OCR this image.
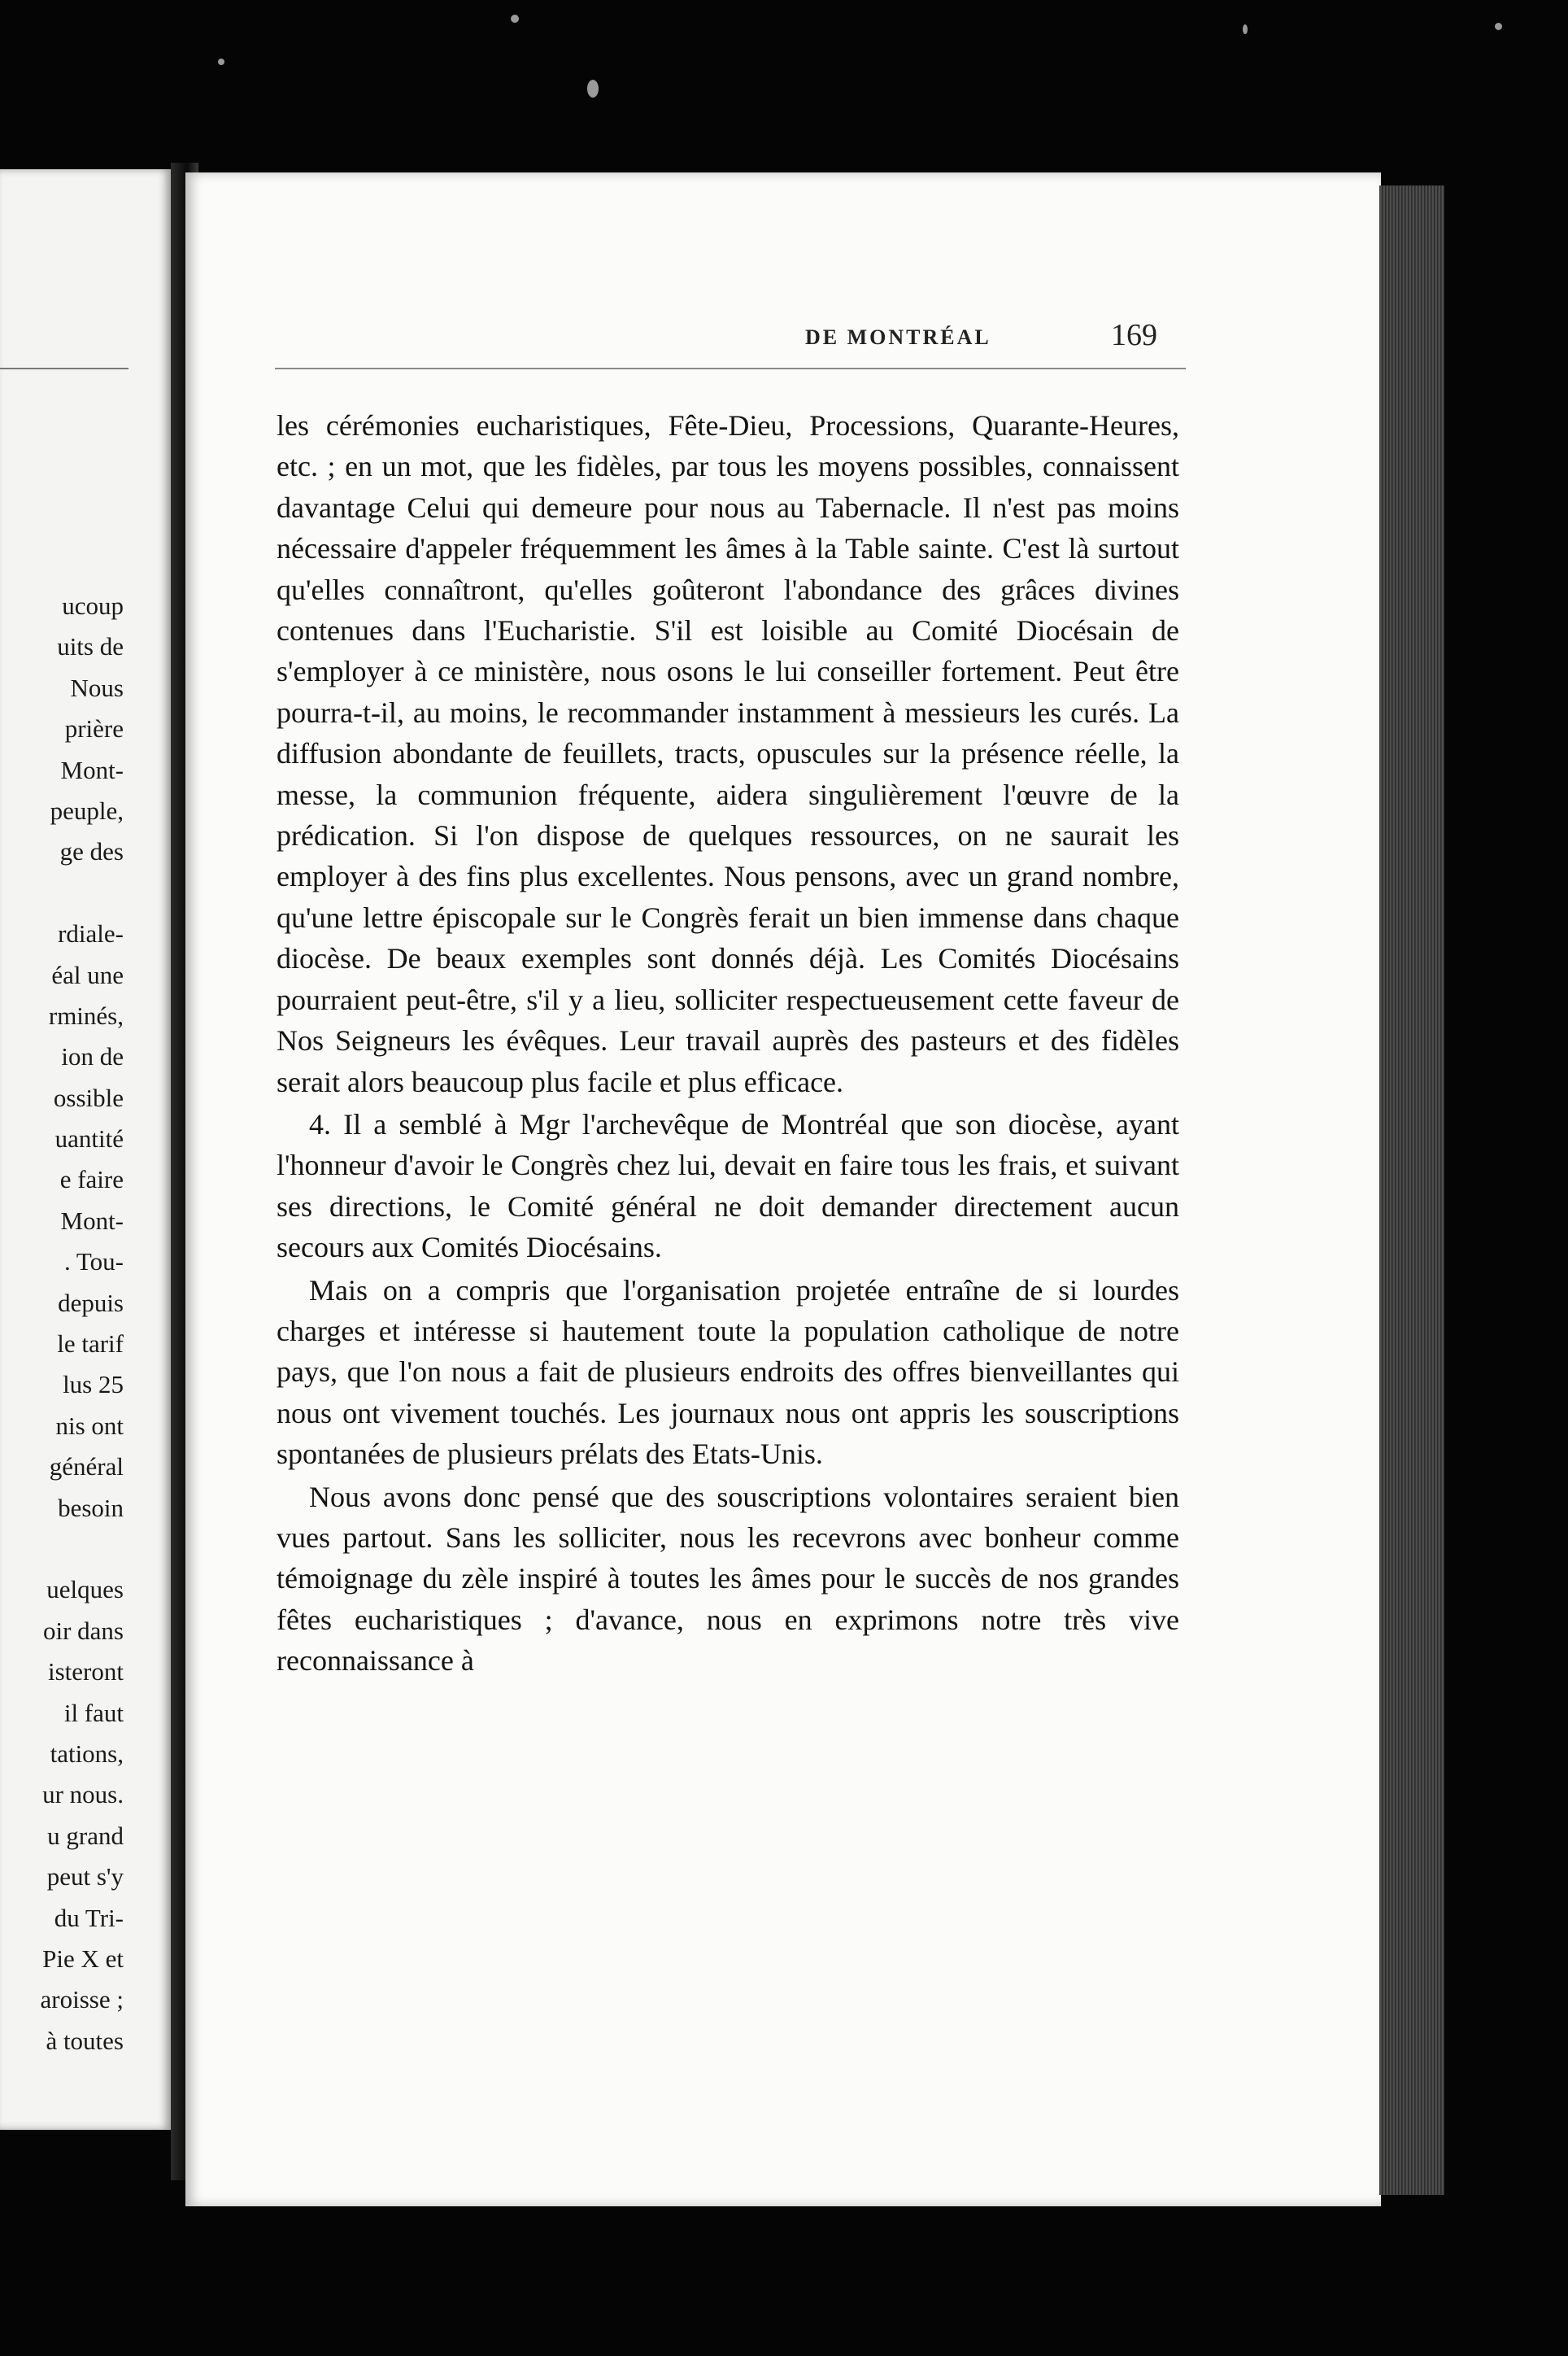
ucoup
uits de
Nous
prière
Mont-
peuple,
ge des

rdiale-
éal une
rminés,
ion de
ossible
uantité
e faire
Mont-
. Tou-
depuis
le tarif
lus 25
nis ont
général
besoin

uelques
oir dans
isteront
il faut
tations,
ur nous.
u grand
peut s'y
du Tri-
Pie X et
aroisse ;
à toutes
DE MONTRÉAL	169

les cérémonies eucharistiques, Fête-Dieu, Processions, Quarante-Heures, etc. ; en un mot, que les fidèles, par tous les moyens possibles, connaissent davantage Celui qui demeure pour nous au Tabernacle. Il n'est pas moins nécessaire d'appeler fréquemment les âmes à la Table sainte. C'est là surtout qu'elles connaîtront, qu'elles goûteront l'abondance des grâces divines contenues dans l'Eucharistie. S'il est loisible au Comité Diocésain de s'employer à ce ministère, nous osons le lui conseiller fortement. Peut être pourra-t-il, au moins, le recommander instamment à messieurs les curés. La diffusion abondante de feuillets, tracts, opuscules sur la présence réelle, la messe, la communion fréquente, aidera singulièrement l'œuvre de la prédication. Si l'on dispose de quelques ressources, on ne saurait les employer à des fins plus excellentes. Nous pensons, avec un grand nombre, qu'une lettre épiscopale sur le Congrès ferait un bien immense dans chaque diocèse. De beaux exemples sont donnés déjà. Les Comités Diocésains pourraient peut-être, s'il y a lieu, solliciter respectueusement cette faveur de Nos Seigneurs les évêques. Leur travail auprès des pasteurs et des fidèles serait alors beaucoup plus facile et plus efficace.

4. Il a semblé à Mgr l'archevêque de Montréal que son diocèse, ayant l'honneur d'avoir le Congrès chez lui, devait en faire tous les frais, et suivant ses directions, le Comité général ne doit demander directement aucun secours aux Comités Diocésains.

Mais on a compris que l'organisation projetée entraîne de si lourdes charges et intéresse si hautement toute la population catholique de notre pays, que l'on nous a fait de plusieurs endroits des offres bienveillantes qui nous ont vivement touchés. Les journaux nous ont appris les souscriptions spontanées de plusieurs prélats des Etats-Unis.

Nous avons donc pensé que des souscriptions volontaires seraient bien vues partout. Sans les solliciter, nous les recevrons avec bonheur comme témoignage du zèle inspiré à toutes les âmes pour le succès de nos grandes fêtes eucharistiques ; d'avance, nous en exprimons notre très vive reconnaissance à
